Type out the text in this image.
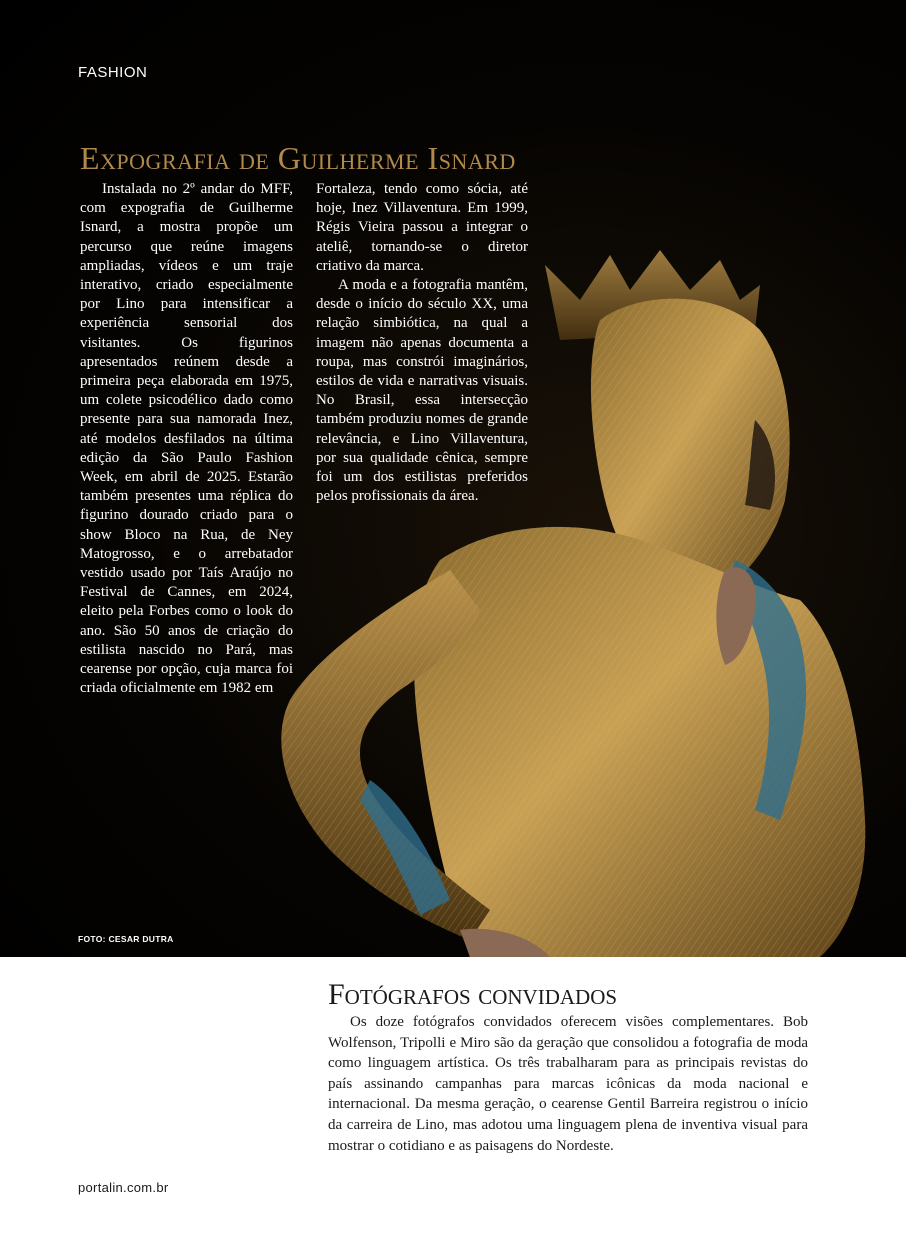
FASHION
Expografia de Guilherme Isnard

Instalada no 2º andar do MFF, com expografia de Guilherme Isnard, a mostra propõe um percurso que reúne imagens ampliadas, vídeos e um traje interativo, criado especialmente por Lino para intensificar a experiência sensorial dos visitantes. Os figurinos apresentados reúnem desde a primeira peça elaborada em 1975, um colete psicodélico dado como presente para sua namorada Inez, até modelos desfilados na última edição da São Paulo Fashion Week, em abril de 2025. Estarão também presentes uma réplica do figurino dourado criado para o show Bloco na Rua, de Ney Matogrosso, e o arrebatador vestido usado por Taís Araújo no Festival de Cannes, em 2024, eleito pela Forbes como o look do ano. São 50 anos de criação do estilista nascido no Pará, mas cearense por opção, cuja marca foi criada oficialmente em 1982 em

Fortaleza, tendo como sócia, até hoje, Inez Villaventura. Em 1999, Régis Vieira passou a integrar o ateliê, tornando-se o diretor criativo da marca.

A moda e a fotografia mantêm, desde o início do século XX, uma relação simbiótica, na qual a imagem não apenas documenta a roupa, mas constrói imaginários, estilos de vida e narrativas visuais. No Brasil, essa intersecção também produziu nomes de grande relevância, e Lino Villaventura, por sua qualidade cênica, sempre foi um dos estilistas preferidos pelos profissionais da área.

FOTO: CESAR DUTRA
Fotógrafos convidados

Os doze fotógrafos convidados oferecem visões complementares. Bob Wolfenson, Tripolli e Miro são da geração que consolidou a fotografia de moda como linguagem artística. Os três trabalharam para as principais revistas do país assinando campanhas para marcas icônicas da moda nacional e internacional. Da mesma geração, o cearense Gentil Barreira registrou o início da carreira de Lino, mas adotou uma linguagem plena de inventiva visual para mostrar o cotidiano e as paisagens do Nordeste.

portalin.com.br
